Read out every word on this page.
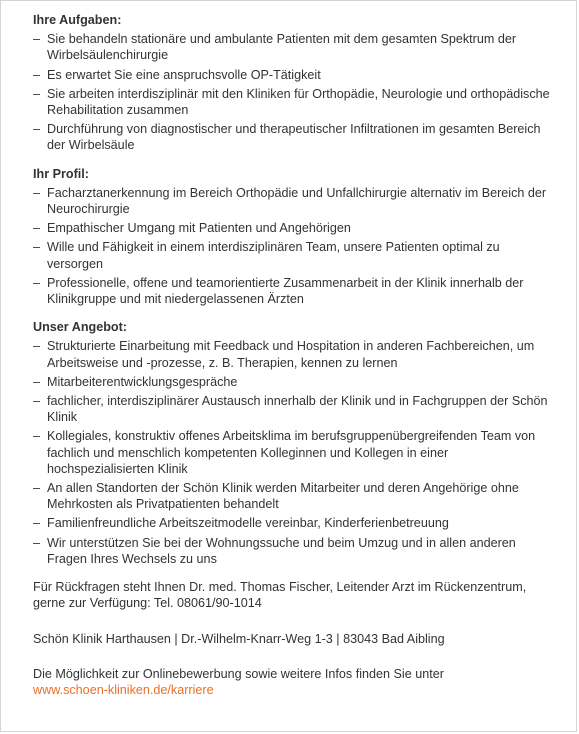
Ihre Aufgaben:
– Sie behandeln stationäre und ambulante Patienten mit dem gesamten Spektrum der Wirbelsäulenchirurgie
– Es erwartet Sie eine anspruchsvolle OP-Tätigkeit
– Sie arbeiten interdisziplinär mit den Kliniken für Orthopädie, Neurologie und orthopädische Rehabilitation zusammen
– Durchführung von diagnostischer und therapeutischer Infiltrationen im gesamten Bereich der Wirbelsäule
Ihr Profil:
– Facharztanerkennung im Bereich Orthopädie und Unfallchirurgie alternativ im Bereich der Neurochirurgie
– Empathischer Umgang mit Patienten und Angehörigen
– Wille und Fähigkeit in einem interdisziplinären Team, unsere Patienten optimal zu versorgen
– Professionelle, offene und teamorientierte Zusammenarbeit in der Klinik innerhalb der Klinikgruppe und mit niedergelassenen Ärzten
Unser Angebot:
– Strukturierte Einarbeitung mit Feedback und Hospitation in anderen Fachbereichen, um Arbeitsweise und -prozesse, z. B. Therapien, kennen zu lernen
– Mitarbeiterentwicklungsgespräche
– fachlicher, interdisziplinärer Austausch innerhalb der Klinik und in Fachgruppen der Schön Klinik
– Kollegiales, konstruktiv offenes Arbeitsklima im berufsgruppenübergreifenden Team von fachlich und menschlich kompetenten Kolleginnen und Kollegen in einer hochspezialisierten Klinik
– An allen Standorten der Schön Klinik werden Mitarbeiter und deren Angehörige ohne Mehrkosten als Privatpatienten behandelt
– Familienfreundliche Arbeitszeitmodelle vereinbar, Kinderferienbetreuung
– Wir unterstützen Sie bei der Wohnungssuche und beim Umzug und in allen anderen Fragen Ihres Wechsels zu uns

Für Rückfragen steht Ihnen Dr. med. Thomas Fischer, Leitender Arzt im Rückenzentrum, gerne zur Verfügung: Tel. 08061/90-1014

Schön Klinik Harthausen | Dr.-Wilhelm-Knarr-Weg 1-3 | 83043 Bad Aibling

Die Möglichkeit zur Onlinebewerbung sowie weitere Infos finden Sie unter
www.schoen-kliniken.de/karriere
